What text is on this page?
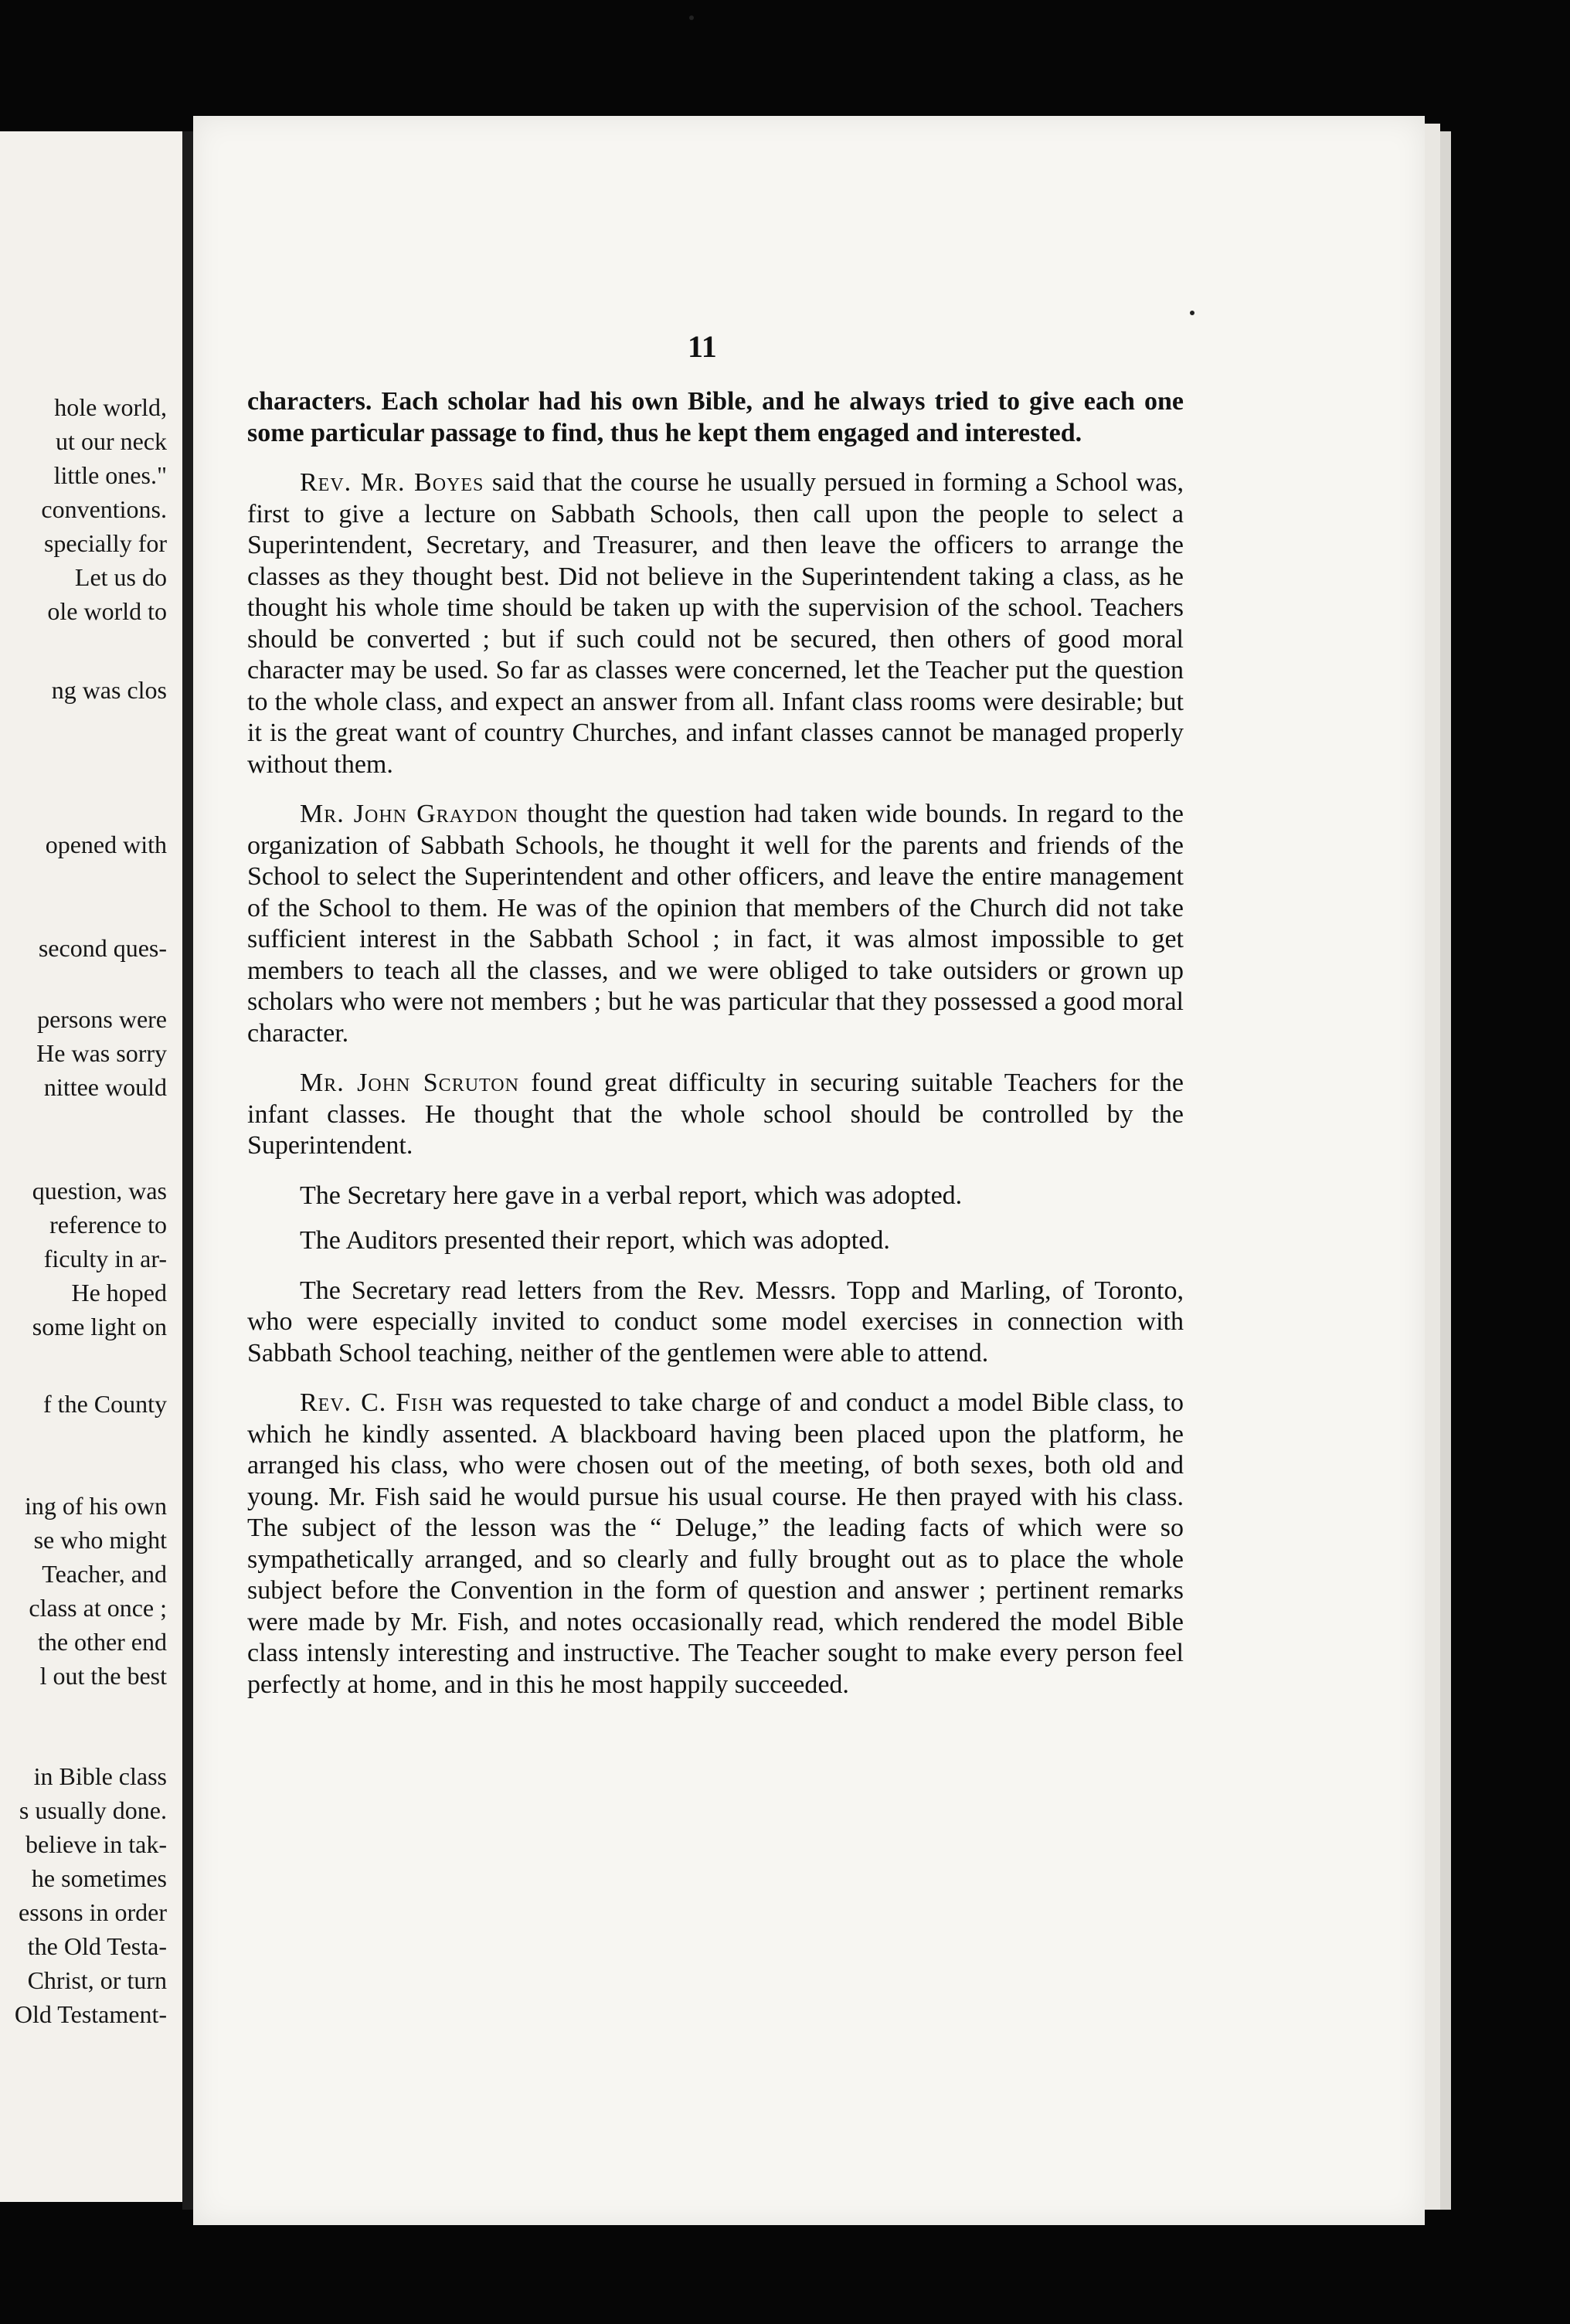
hole world,
ut our neck
little ones."
conventions.
specially for
Let us do
ole world to
ng was clos
opened with
second ques-
persons were
He was sorry
nittee would
question, was
reference to
ficulty in ar-
He hoped
some light on
f the County
ing of his own
se who might
Teacher, and
class at once ;
the other end
l out the best
in Bible class
s usually done.
believe in tak-
he sometimes
essons in order
the Old Testa-
Christ, or turn
Old Testament-
11

characters. Each scholar had his own Bible, and he always tried to give each one some particular passage to find, thus he kept them engaged and interested.

Rev. Mr. Boyes said that the course he usually persued in forming a School was, first to give a lecture on Sabbath Schools, then call upon the people to select a Superintendent, Secretary, and Treasurer, and then leave the officers to arrange the classes as they thought best. Did not believe in the Superintendent taking a class, as he thought his whole time should be taken up with the supervision of the school. Teachers should be converted ; but if such could not be secured, then others of good moral character may be used. So far as classes were concerned, let the Teacher put the question to the whole class, and expect an answer from all. Infant class rooms were desirable; but it is the great want of country Churches, and infant classes cannot be managed properly without them.

Mr. John Graydon thought the question had taken wide bounds. In regard to the organization of Sabbath Schools, he thought it well for the parents and friends of the School to select the Superintendent and other officers, and leave the entire management of the School to them. He was of the opinion that members of the Church did not take sufficient interest in the Sabbath School ; in fact, it was almost impossible to get members to teach all the classes, and we were obliged to take outsiders or grown up scholars who were not members ; but he was particular that they possessed a good moral character.

Mr. John Scruton found great difficulty in securing suitable Teachers for the infant classes. He thought that the whole school should be controlled by the Superintendent.

The Secretary here gave in a verbal report, which was adopted.

The Auditors presented their report, which was adopted.

The Secretary read letters from the Rev. Messrs. Topp and Marling, of Toronto, who were especially invited to conduct some model exercises in connection with Sabbath School teaching, neither of the gentlemen were able to attend.

Rev. C. Fish was requested to take charge of and conduct a model Bible class, to which he kindly assented. A blackboard having been placed upon the platform, he arranged his class, who were chosen out of the meeting, of both sexes, both old and young. Mr. Fish said he would pursue his usual course. He then prayed with his class. The subject of the lesson was the “ Deluge,” the leading facts of which were so sympathetically arranged, and so clearly and fully brought out as to place the whole subject before the Convention in the form of question and answer ; pertinent remarks were made by Mr. Fish, and notes occasionally read, which rendered the model Bible class intensly interesting and instructive. The Teacher sought to make every person feel perfectly at home, and in this he most happily succeeded.
